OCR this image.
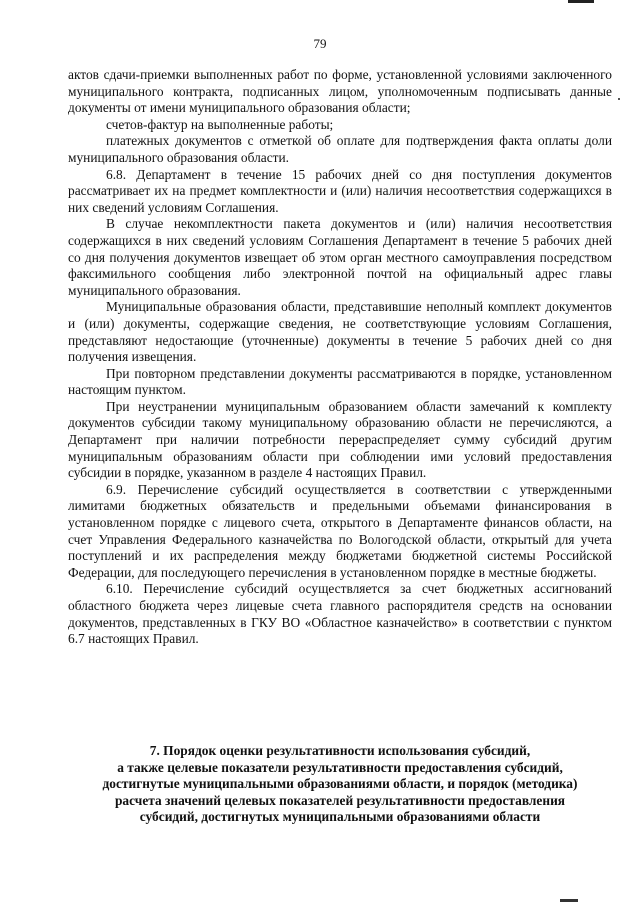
79

актов сдачи-приемки выполненных работ по форме, установленной условиями заключенного муниципального контракта, подписанных лицом, уполномоченным подписывать данные документы от имени муниципального образования области;

счетов-фактур на выполненные работы;

платежных документов с отметкой об оплате для подтверждения факта оплаты доли муниципального образования области.

6.8. Департамент в течение 15 рабочих дней со дня поступления документов рассматривает их на предмет комплектности и (или) наличия несоответствия содержащихся в них сведений условиям Соглашения.

В случае некомплектности пакета документов и (или) наличия несоответствия содержащихся в них сведений условиям Соглашения Департамент в течение 5 рабочих дней со дня получения документов извещает об этом орган местного самоуправления посредством факсимильного сообщения либо электронной почтой на официальный адрес главы муниципального образования.

Муниципальные образования области, представившие неполный комплект документов и (или) документы, содержащие сведения, не соответствующие условиям Соглашения, представляют недостающие (уточненные) документы в течение 5 рабочих дней со дня получения извещения.

При повторном представлении документы рассматриваются в порядке, установленном настоящим пунктом.

При неустранении муниципальным образованием области замечаний к комплекту документов субсидии такому муниципальному образованию области не перечисляются, а Департамент при наличии потребности перераспределяет сумму субсидий другим муниципальным образованиям области при соблюдении ими условий предоставления субсидии в порядке, указанном в разделе 4 настоящих Правил.

6.9. Перечисление субсидий осуществляется в соответствии с утвержденными лимитами бюджетных обязательств и предельными объемами финансирования в установленном порядке с лицевого счета, открытого в Департаменте финансов области, на счет Управления Федерального казначейства по Вологодской области, открытый для учета поступлений и их распределения между бюджетами бюджетной системы Российской Федерации, для последующего перечисления в установленном порядке в местные бюджеты.

6.10. Перечисление субсидий осуществляется за счет бюджетных ассигнований областного бюджета через лицевые счета главного распорядителя средств на основании документов, представленных в ГКУ ВО «Областное казначейство» в соответствии с пунктом 6.7 настоящих Правил.

7. Порядок оценки результативности использования субсидий,
а также целевые показатели результативности предоставления субсидий,
достигнутые муниципальными образованиями области, и порядок (методика)
расчета значений целевых показателей результативности предоставления
субсидий, достигнутых муниципальными образованиями области
